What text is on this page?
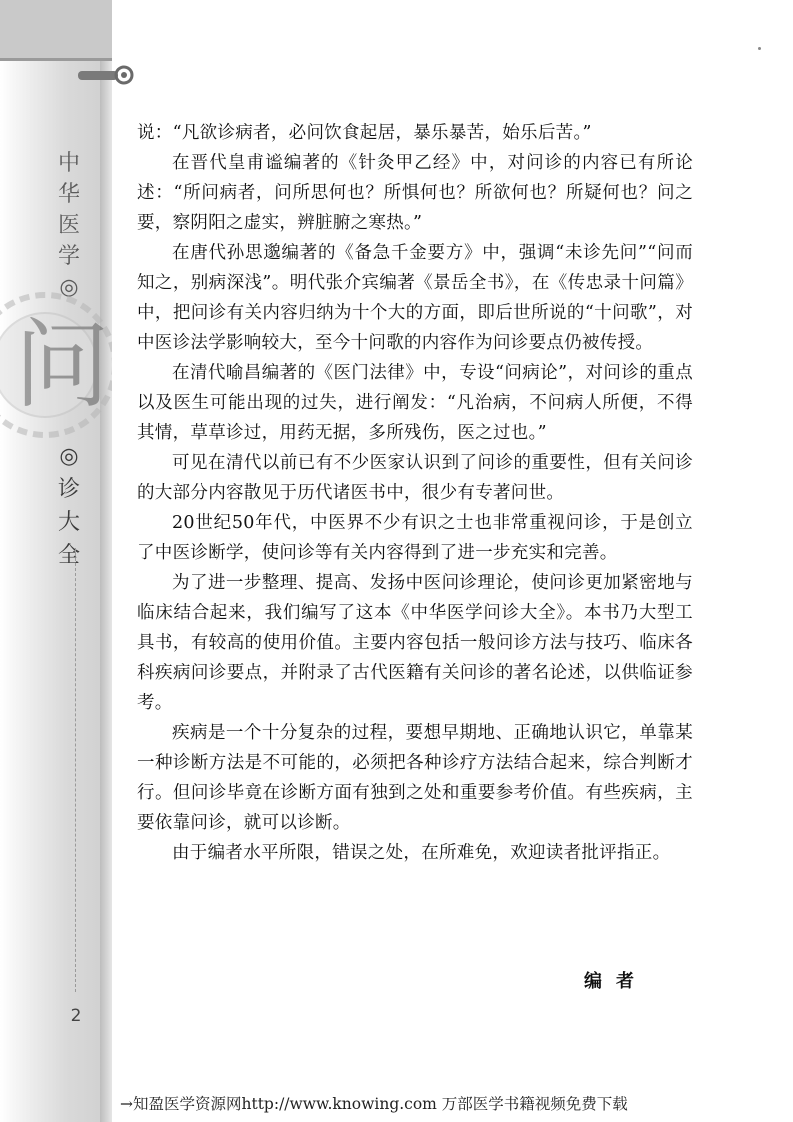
中
华
医
学
◎
问
◎
诊
大
全
2

说：“凡欲诊病者，必问饮食起居，暴乐暴苦，始乐后苦。”

在晋代皇甫谧编著的《针灸甲乙经》中，对问诊的内容已有所论述：“所问病者，问所思何也？所惧何也？所欲何也？所疑何也？问之要，察阴阳之虚实，辨脏腑之寒热。”

在唐代孙思邈编著的《备急千金要方》中，强调“未诊先问”“问而知之，别病深浅”。明代张介宾编著《景岳全书》，在《传忠录十问篇》中，把问诊有关内容归纳为十个大的方面，即后世所说的“十问歌”，对中医诊法学影响较大，至今十问歌的内容作为问诊要点仍被传授。

在清代喻昌编著的《医门法律》中，专设“问病论”，对问诊的重点以及医生可能出现的过失，进行阐发：“凡治病，不问病人所便，不得其情，草草诊过，用药无据，多所残伤，医之过也。”

可见在清代以前已有不少医家认识到了问诊的重要性，但有关问诊的大部分内容散见于历代诸医书中，很少有专著问世。

20世纪50年代，中医界不少有识之士也非常重视问诊，于是创立了中医诊断学，使问诊等有关内容得到了进一步充实和完善。

为了进一步整理、提高、发扬中医问诊理论，使问诊更加紧密地与临床结合起来，我们编写了这本《中华医学问诊大全》。本书乃大型工具书，有较高的使用价值。主要内容包括一般问诊方法与技巧、临床各科疾病问诊要点，并附录了古代医籍有关问诊的著名论述，以供临证参考。

疾病是一个十分复杂的过程，要想早期地、正确地认识它，单靠某一种诊断方法是不可能的，必须把各种诊疗方法结合起来，综合判断才行。但问诊毕竟在诊断方面有独到之处和重要参考价值。有些疾病，主要依靠问诊，就可以诊断。

由于编者水平所限，错误之处，在所难免，欢迎读者批评指正。

编者
→知盈医学资源网http://www.knowing.com 万部医学书籍视频免费下载
